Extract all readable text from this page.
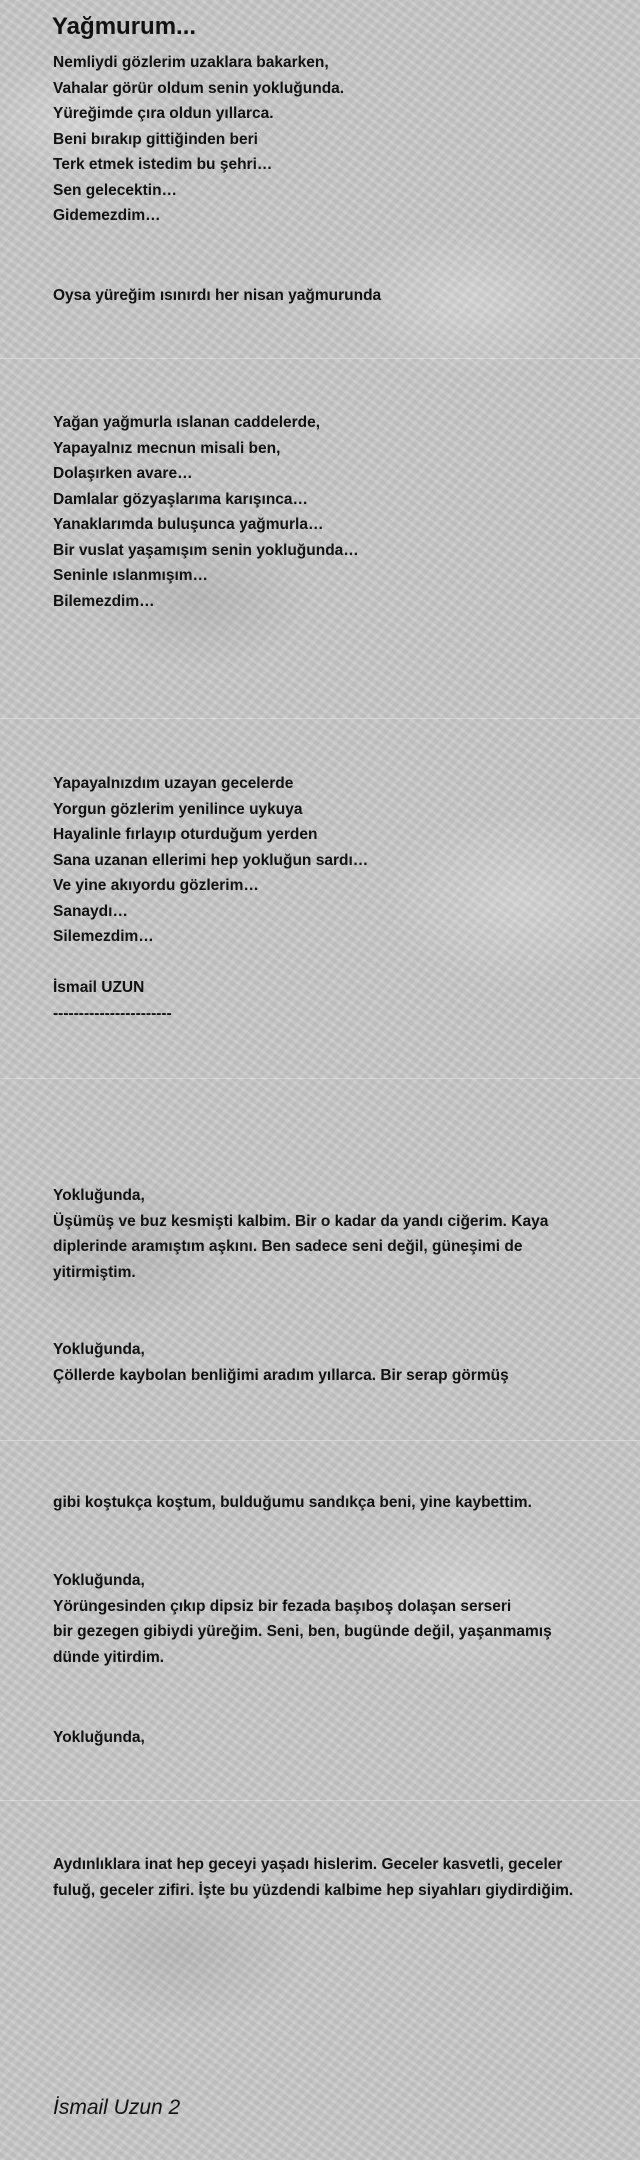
Yağmurum...
Nemliydi gözlerim uzaklara bakarken,
Vahalar görür oldum senin yokluğunda.
Yüreğimde çıra oldun yıllarca.
Beni bırakıp gittiğinden beri
Terk etmek istedim bu şehri…
Sen gelecektin…
Gidemezdim…
Oysa yüreğim ısınırdı her nisan yağmurunda
Yağan yağmurla ıslanan caddelerde,
Yapayalnız mecnun misali ben,
Dolaşırken avare…
Damlalar gözyaşlarıma karışınca…
Yanaklarımda buluşunca yağmurla…
Bir vuslat yaşamışım senin yokluğunda…
Seninle ıslanmışım…
Bilemezdim…
Yapayalnızdım uzayan gecelerde
Yorgun gözlerim yenilince uykuya
Hayalinle fırlayıp oturduğum yerden
Sana uzanan ellerimi hep yokluğun sardı…
Ve yine akıyordu gözlerim…
Sanaydı…
Silemezdim…

İsmail UZUN
-----------------------
Yokluğunda,
Üşümüş ve buz kesmişti kalbim. Bir o kadar da yandı ciğerim. Kaya diplerinde aramıştım aşkını. Ben sadece seni değil, güneşimi de yitirmiştim.
Yokluğunda,
Çöllerde kaybolan benliğimi aradım yıllarca. Bir serap görmüş
gibi koştukça koştum, bulduğumu sandıkça beni, yine kaybettim.
Yokluğunda,
Yörüngesinden çıkıp dipsiz bir fezada başıboş dolaşan serseri
bir gezegen gibiydi yüreğim. Seni, ben, bugünde değil, yaşanmamış dünde yitirdim.
Yokluğunda,
Aydınlıklara inat hep geceyi yaşadı hislerim. Geceler kasvetli, geceler fuluğ, geceler zifiri. İşte bu yüzdendi kalbime hep siyahları giydirdiğim.
İsmail Uzun 2
